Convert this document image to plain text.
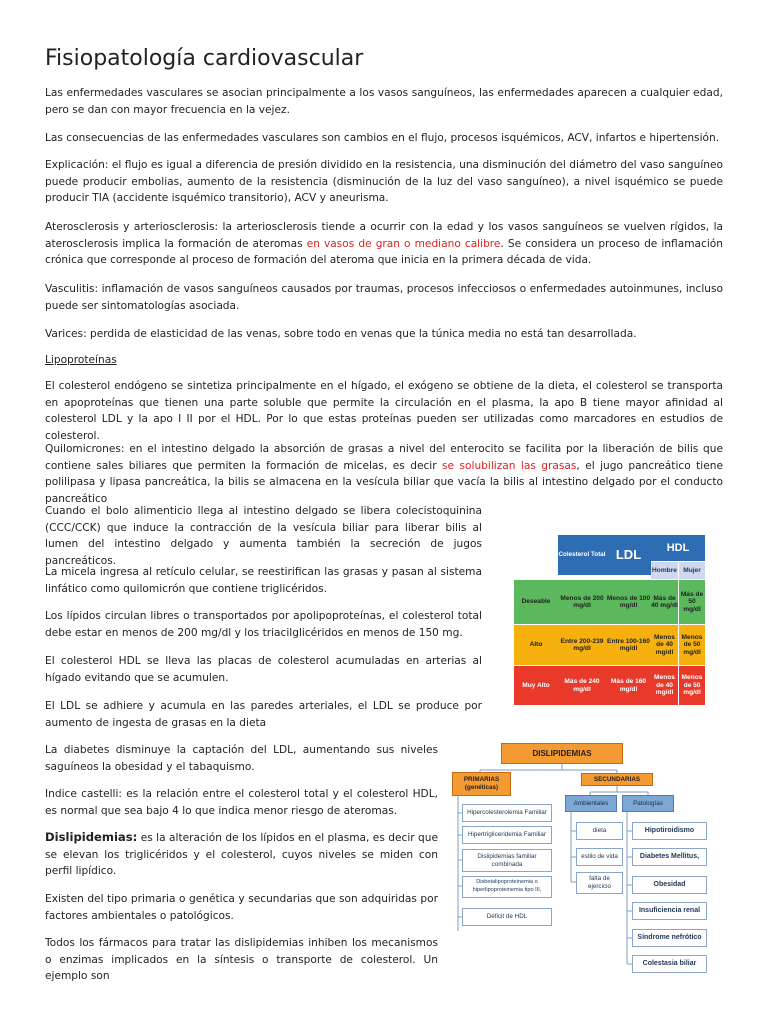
Fisiopatología cardiovascular

Las enfermedades vasculares se asocian principalmente a los vasos sanguíneos, las enfermedades aparecen a cualquier edad, pero se dan con mayor frecuencia en la vejez.

Las consecuencias de las enfermedades vasculares son cambios en el flujo, procesos isquémicos, ACV, infartos e hipertensión.

Explicación: el flujo es igual a diferencia de presión dividido en la resistencia, una disminución del diámetro del vaso sanguíneo puede producir embolias, aumento de la resistencia (disminución de la luz del vaso sanguíneo), a nivel isquémico se puede producir TIA (accidente isquémico transitorio), ACV y aneurisma.

Aterosclerosis y arteriosclerosis: la arteriosclerosis tiende a ocurrir con la edad y los vasos sanguíneos se vuelven rígidos, la aterosclerosis implica la formación de ateromas en vasos de gran o mediano calibre. Se considera un proceso de inflamación crónica que corresponde al proceso de formación del ateroma que inicia en la primera década de vida.

Vasculitis: inflamación de vasos sanguíneos causados por traumas, procesos infecciosos o enfermedades autoinmunes, incluso puede ser sintomatologías asociada.

Varices: perdida de elasticidad de las venas, sobre todo en venas que la túnica media no está tan desarrollada.

Lipoproteínas

El colesterol endógeno se sintetiza principalmente en el hígado, el exógeno se obtiene de la dieta, el colesterol se transporta en apoproteínas que tienen una parte soluble que permite la circulación en el plasma, la apo B tiene mayor afinidad al colesterol LDL y la apo I II por el HDL. Por lo que estas proteínas pueden ser utilizadas como marcadores en estudios de colesterol.

Quilomicrones: en el intestino delgado la absorción de grasas a nivel del enterocito se facilita por la liberación de bilis que contiene sales biliares que permiten la formación de micelas, es decir se solubilizan las grasas, el jugo pancreático tiene polilipasa y lipasa pancreática, la bilis se almacena en la vesícula biliar que vacía la bilis al intestino delgado por el conducto pancreático

Cuando el bolo alimenticio llega al intestino delgado se libera colecistoquinina (CCC/CCK) que induce la contracción de la vesícula biliar para liberar bilis al lumen del intestino delgado y aumenta también la secreción de jugos pancreáticos.

La micela ingresa al retículo celular, se reestirifican las grasas y pasan al sistema linfático como quilomicrón que contiene triglicéridos.

Los lípidos circulan libres o transportados por apolipoproteínas, el colesterol total debe estar en menos de 200 mg/dl y los triacilglicéridos en menos de 150 mg.

El colesterol HDL se lleva las placas de colesterol acumuladas en arterias al hígado evitando que se acumulen.

El LDL se adhiere y acumula en las paredes arteriales, el LDL se produce por aumento de ingesta de grasas en la dieta

La diabetes disminuye la captación del LDL, aumentando sus niveles saguíneos la obesidad y el tabaquismo.

Indice castelli: es la relación entre el colesterol total y el colesterol HDL, es normal que sea bajo 4 lo que indica menor riesgo de ateromas.

Dislipidemias: es la alteración de los lípidos en el plasma, es decir que se elevan los triglicéridos y el colesterol, cuyos niveles se miden con perfil lipídico.

Existen del tipo primaria o genética y secundarias que son adquiridas por factores ambientales o patológicos.

Todos los fármacos para tratar las dislipidemias inhiben los mecanismos o enzimas implicados en la síntesis o transporte de colesterol. Un ejemplo son

Colesterol Total LDL	HDL
Hombre Mujer
Deseable
Menos de 200 mg/dl
Menos de 100 mg/dl
Más de 40 mg/dl
Más de 50 mg/dl
Alto
Entre 200-239 mg/dl
Entre 100-160 mg/dl
Menos de 40 mg/dl
Menos de 50 mg/dl
Muy Alto
Más de 240 mg/dl
Más de 160 mg/dl
Menos de 40 mg/dl
Menos de 50 mg/dl
DISLIPIDEMIAS
PRIMARIAS (genéticas)
SECUNDARIAS
Ambientales	Patologías
Hipercolesterolemia Familiar
Hipertrigliceridemia Familiar
Dislipidemias familiar combinada
Disbetalipoproteinemia o hiperlipoproteinemia tipo III,
Déficit de HDL
dieta
estilo de vida
falta de ejercicio
Hipotiroidismo
Diabetes Mellitus,
Obesidad
Insuficiencia renal
Síndrome nefrótico
Colestasia biliar
